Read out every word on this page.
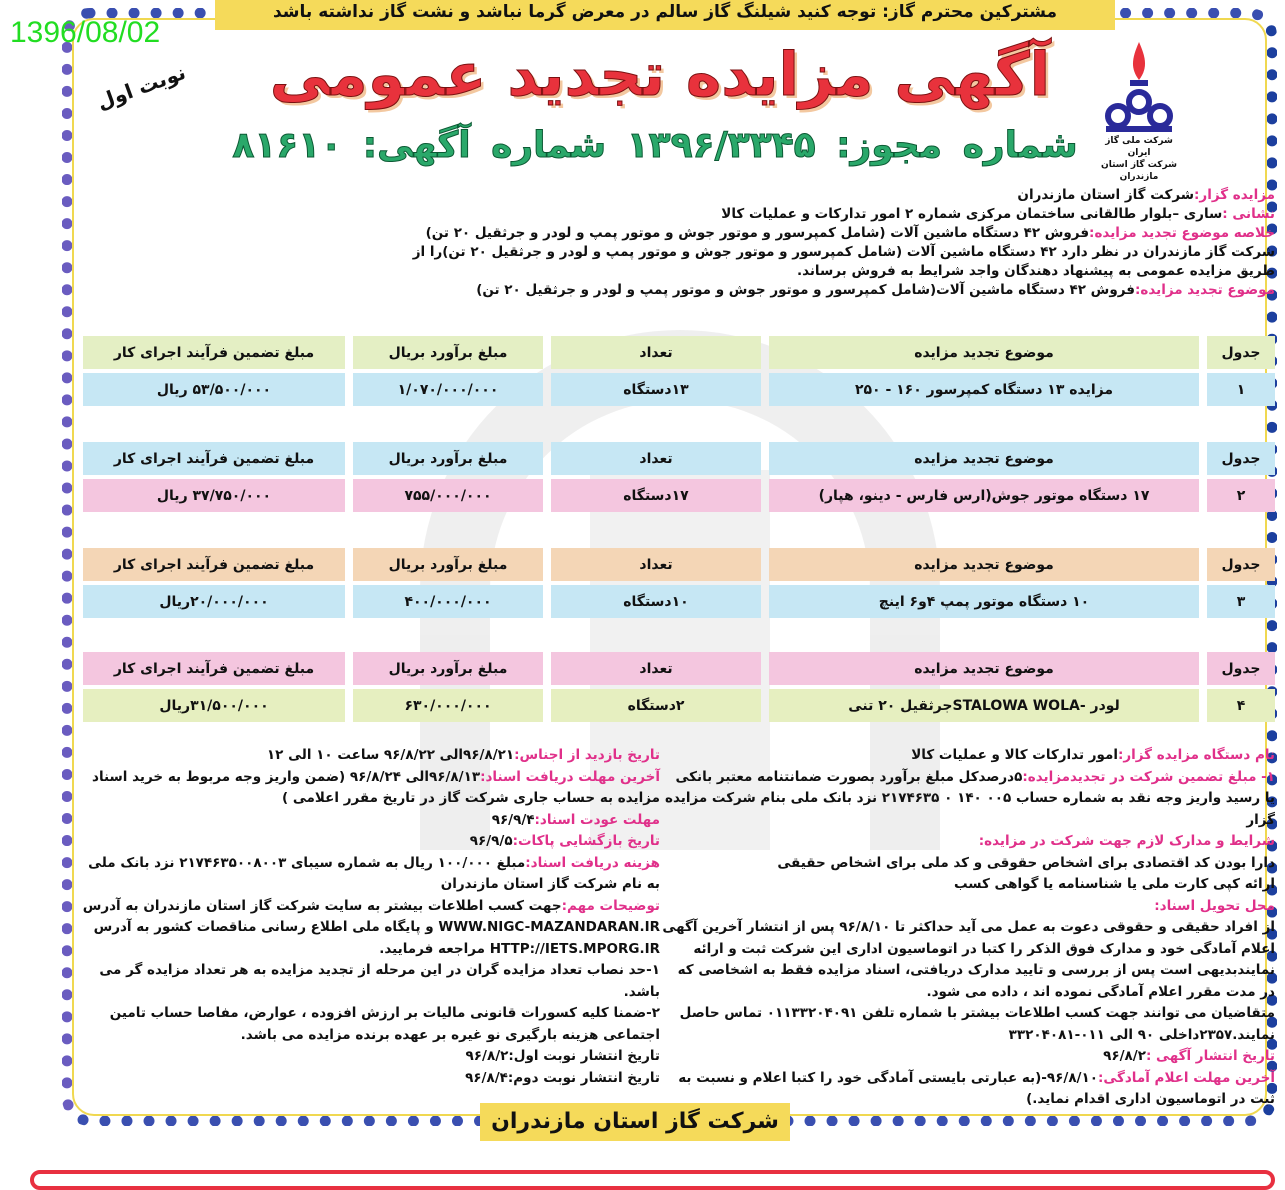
مشترکین محترم گاز: توجه کنید شیلنگ گاز سالم در معرض گرما نباشد و نشت گاز نداشته باشد
1396/08/02
شرکت ملی گاز ایران
شرکت گاز استان مازندران
نوبت اول آگهی مزایده تجدید عمومی
شماره مجوز: ۱۳۹۶/۳۳۴۵ شماره آگهی: ۸۱۶۱۰
مزایده گزار:شرکت گاز استان مازندران
نشانی :ساری –بلوار طالقانی ساختمان مرکزی شماره ۲ امور تدارکات و عملیات کالا
خلاصه موضوع تجدید مزایده:فروش ۴۲ دستگاه ماشین آلات (شامل کمپرسور و موتور جوش و موتور پمپ و لودر و جرثقیل ۲۰ تن)
شرکت گاز مازندران در نظر دارد ۴۲ دستگاه ماشین آلات (شامل کمپرسور و موتور جوش و موتور پمپ و لودر و جرثقیل ۲۰ تن)را از طریق مزایده عمومی به پیشنهاد دهندگان واجد شرایط به فروش برساند.
موضوع تجدید مزایده:فروش ۴۲ دستگاه ماشین آلات(شامل کمپرسور و موتور جوش و موتور پمپ و لودر و جرثقیل ۲۰ تن)
جدول
موضوع تجدید مزایده
تعداد
مبلغ برآورد بریال
مبلغ تضمین فرآیند اجرای کار
۱
مزایده ۱۳ دستگاه کمپرسور ۱۶۰ - ۲۵۰
۱۳دستگاه
۱/۰۷۰/۰۰۰/۰۰۰
۵۳/۵۰۰/۰۰۰ ریال
جدول
موضوع تجدید مزایده
تعداد
مبلغ برآورد بریال
مبلغ تضمین فرآیند اجرای کار
۲
۱۷ دستگاه موتور جوش(ارس فارس - دینو، هپار)
۱۷دستگاه
۷۵۵/۰۰۰/۰۰۰
۳۷/۷۵۰/۰۰۰ ریال
جدول
موضوع تجدید مزایده
تعداد
مبلغ برآورد بریال
مبلغ تضمین فرآیند اجرای کار
۳
۱۰ دستگاه موتور پمپ ۴و۶ اینچ
۱۰دستگاه
۴۰۰/۰۰۰/۰۰۰
۲۰/۰۰۰/۰۰۰ریال
جدول
موضوع تجدید مزایده
تعداد
مبلغ برآورد بریال
مبلغ تضمین فرآیند اجرای کار
۴
لودر -STALOWA WOLAجرثقیل ۲۰ تنی
۲دستگاه
۶۳۰/۰۰۰/۰۰۰
۳۱/۵۰۰/۰۰۰ریال
نام دستگاه مزایده گزار:امور تدارکات کالا و عملیات کالا
۱- مبلغ تضمین شرکت در تجدیدمزایده:۵درصدکل مبلغ برآورد بصورت ضمانتنامه معتبر بانکی یا رسید واریز وجه نقد به شماره حساب ۰۰۵ ۱۴۰ ۰ ۲۱۷۴۶۳۵ نزد بانک ملی بنام شرکت مزایده گزار
شرایط و مدارک لازم جهت شرکت در مزایده:
دارا بودن کد اقتصادی برای اشخاص حقوقی و کد ملی برای اشخاص حقیقی
ارائه کپی کارت ملی یا شناسنامه یا گواهی کسب
محل تحویل اسناد:
از افراد حقیقی و حقوقی دعوت به عمل می آید حداکثر تا ۹۶/۸/۱۰ پس از انتشار آخرین آگهی اعلام آمادگی خود و مدارک فوق الذکر را کتبا در اتوماسیون اداری این شرکت ثبت و ارائه نمایندبدیهی است پس از بررسی و تایید مدارک دریافتی، اسناد مزایده فقط به اشخاصی که در مدت مقرر اعلام آمادگی نموده اند ، داده می شود.
متقاضیان می توانند جهت کسب اطلاعات بیشتر با شماره تلفن ۰۱۱۳۳۲۰۴۰۹۱ تماس حاصل نمایند.۲۳۵۷داخلی ۹۰ الی ۰۱۱-۳۳۲۰۴۰۸۱
تاریخ انتشار آگهی :۹۶/۸/۲
آخرین مهلت اعلام آمادگی:۹۶/۸/۱۰-(به عبارتی بایستی آمادگی خود را کتبا اعلام و نسبت به ثبت در اتوماسیون اداری اقدام نماید.)
تاریخ بازدید از اجناس:۹۶/۸/۲۱الی ۹۶/۸/۲۲ ساعت ۱۰ الی ۱۲
آخرین مهلت دریافت اسناد:۹۶/۸/۱۳الی ۹۶/۸/۲۴ (ضمن واریز وجه مربوط به خرید اسناد مزایده به حساب جاری شرکت گاز در تاریخ مقرر اعلامی )
مهلت عودت اسناد:۹۶/۹/۴
تاریخ بازگشایی پاکات:۹۶/۹/۵
هزینه دریافت اسناد:مبلغ ۱۰۰/۰۰۰ ریال به شماره سیبای ۲۱۷۴۶۳۵۰۰۸۰۰۳ نزد بانک ملی به نام شرکت گاز استان مازندران
توضیحات مهم:جهت کسب اطلاعات بیشتر به سایت شرکت گاز استان مازندران به آدرس WWW.NIGC-MAZANDARAN.IR و پایگاه ملی اطلاع رسانی مناقصات کشور به آدرس HTTP://IETS.MPORG.IR مراجعه فرمایید.
۱-حد نصاب تعداد مزایده گران در این مرحله از تجدید مزایده به هر تعداد مزایده گر می باشد.
۲-ضمنا کلیه کسورات قانونی مالیات بر ارزش افزوده ، عوارض، مفاصا حساب تامین اجتماعی هزینه بارگیری نو غیره بر عهده برنده مزایده می باشد.
تاریخ انتشار نوبت اول:۹۶/۸/۲
تاریخ انتشار نوبت دوم:۹۶/۸/۴
شرکت گاز استان مازندران
